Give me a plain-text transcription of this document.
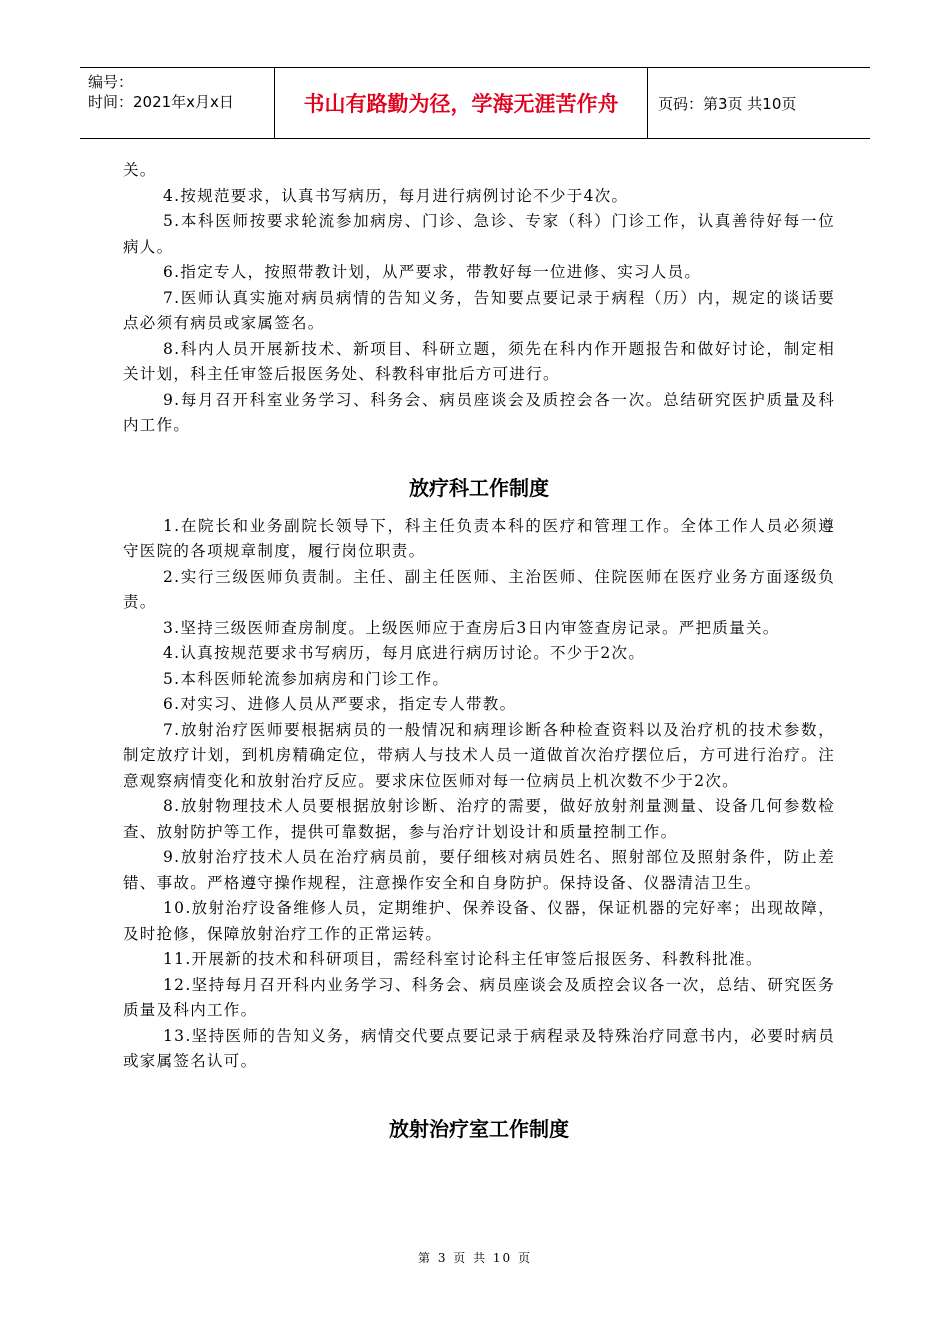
编号：
时间：2021年x月x日	书山有路勤为径，学海无涯苦作舟	页码：第3页 共10页

关。

4.按规范要求，认真书写病历，每月进行病例讨论不少于4次。

5.本科医师按要求轮流参加病房、门诊、急诊、专家（科）门诊工作，认真善待好每一位病人。

6.指定专人，按照带教计划，从严要求，带教好每一位进修、实习人员。

7.医师认真实施对病员病情的告知义务，告知要点要记录于病程（历）内，规定的谈话要点必须有病员或家属签名。

8.科内人员开展新技术、新项目、科研立题，须先在科内作开题报告和做好讨论，制定相关计划，科主任审签后报医务处、科教科审批后方可进行。

9.每月召开科室业务学习、科务会、病员座谈会及质控会各一次。总结研究医护质量及科内工作。

放疗科工作制度

1.在院长和业务副院长领导下，科主任负责本科的医疗和管理工作。全体工作人员必须遵守医院的各项规章制度，履行岗位职责。

2.实行三级医师负责制。主任、副主任医师、主治医师、住院医师在医疗业务方面逐级负责。

3.坚持三级医师查房制度。上级医师应于查房后3日内审签查房记录。严把质量关。

4.认真按规范要求书写病历，每月底进行病历讨论。不少于2次。

5.本科医师轮流参加病房和门诊工作。

6.对实习、进修人员从严要求，指定专人带教。

7.放射治疗医师要根据病员的一般情况和病理诊断各种检查资料以及治疗机的技术参数，制定放疗计划，到机房精确定位，带病人与技术人员一道做首次治疗摆位后，方可进行治疗。注意观察病情变化和放射治疗反应。要求床位医师对每一位病员上机次数不少于2次。

8.放射物理技术人员要根据放射诊断、治疗的需要，做好放射剂量测量、设备几何参数检查、放射防护等工作，提供可靠数据，参与治疗计划设计和质量控制工作。

9.放射治疗技术人员在治疗病员前，要仔细核对病员姓名、照射部位及照射条件，防止差错、事故。严格遵守操作规程，注意操作安全和自身防护。保持设备、仪器清洁卫生。

10.放射治疗设备维修人员，定期维护、保养设备、仪器，保证机器的完好率；出现故障，及时抢修，保障放射治疗工作的正常运转。

11.开展新的技术和科研项目，需经科室讨论科主任审签后报医务、科教科批准。

12.坚持每月召开科内业务学习、科务会、病员座谈会及质控会议各一次，总结、研究医务质量及科内工作。

13.坚持医师的告知义务，病情交代要点要记录于病程录及特殊治疗同意书内，必要时病员或家属签名认可。

放射治疗室工作制度
第 3 页 共 10 页
